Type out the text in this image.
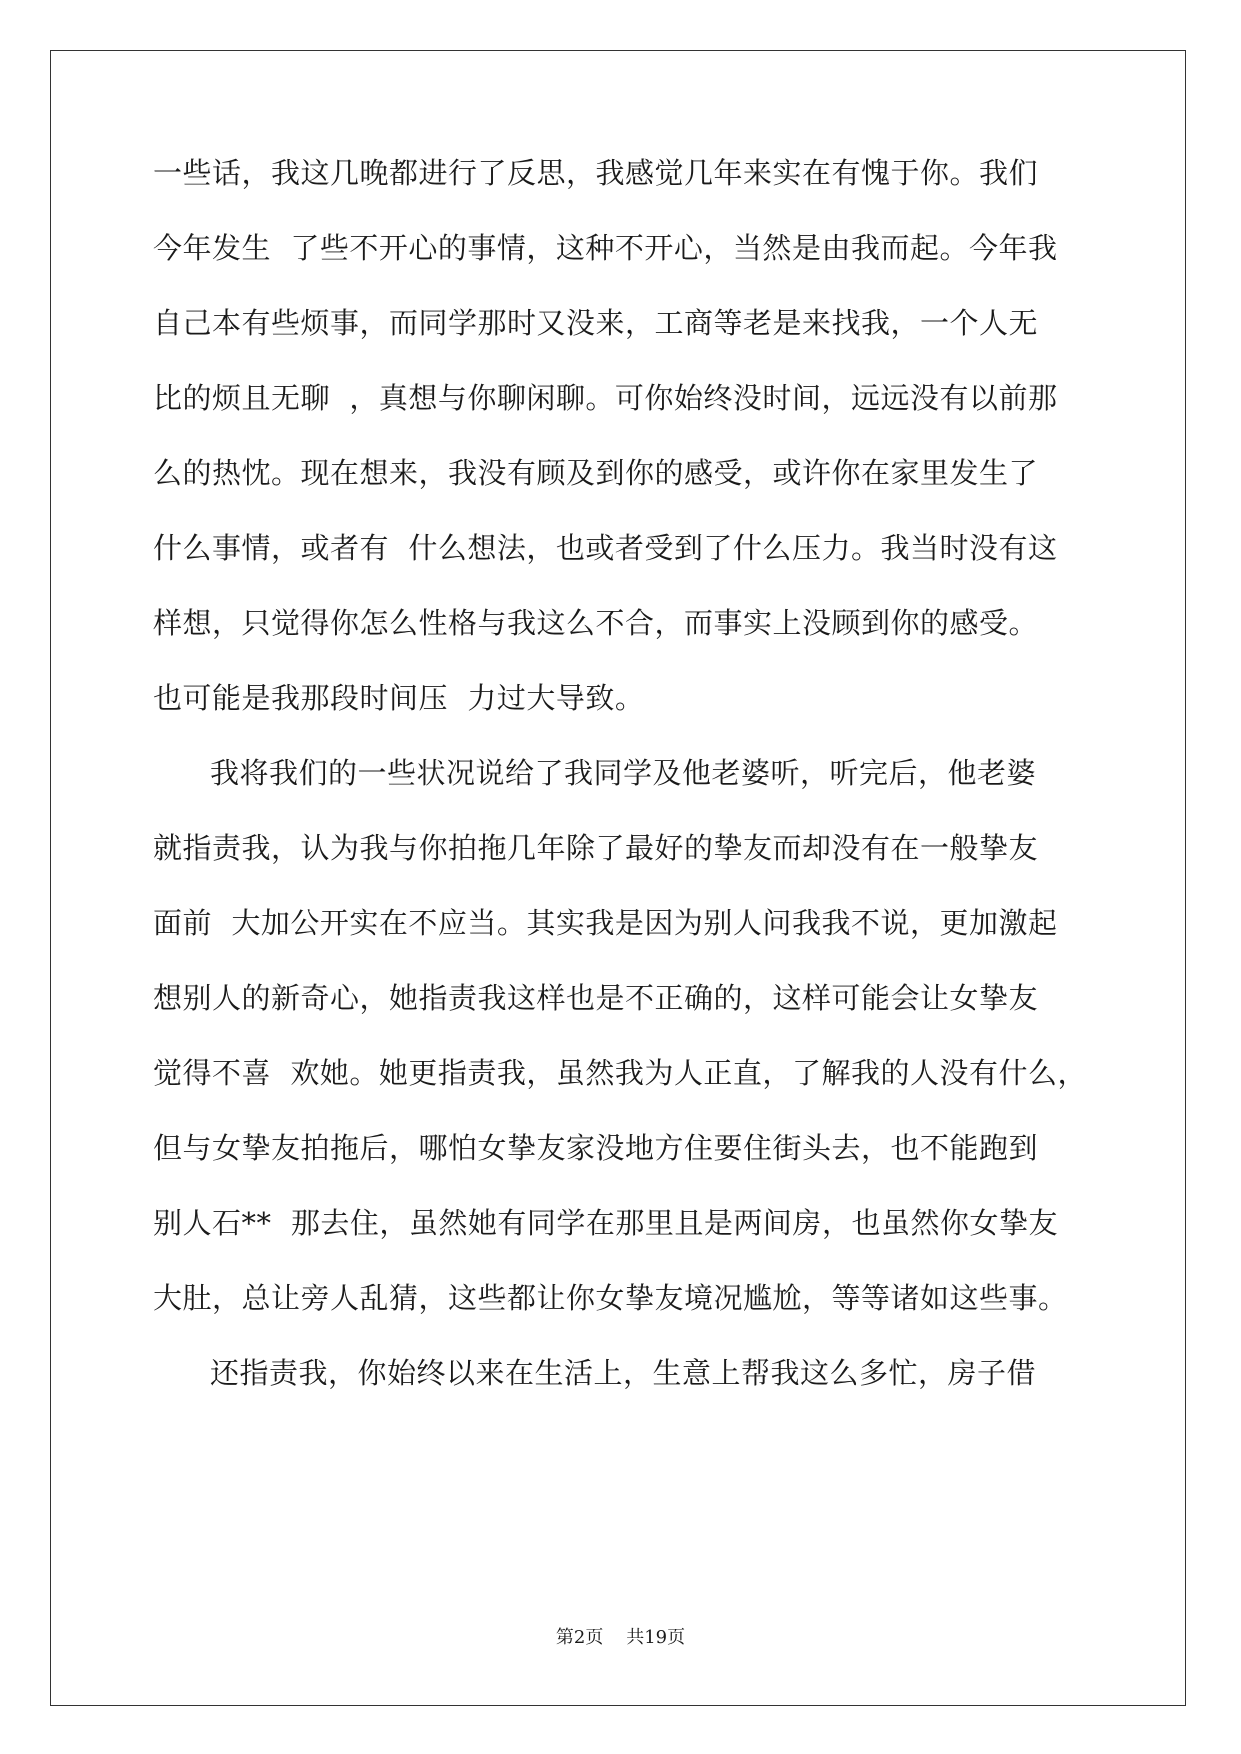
一些话，我这几晚都进行了反思，我感觉几年来实在有愧于你。我们
今年发生  了些不开心的事情，这种不开心，当然是由我而起。今年我
自己本有些烦事，而同学那时又没来，工商等老是来找我，一个人无
比的烦且无聊  ，真想与你聊闲聊。可你始终没时间，远远没有以前那
么的热忱。现在想来，我没有顾及到你的感受，或许你在家里发生了
什么事情，或者有  什么想法，也或者受到了什么压力。我当时没有这
样想，只觉得你怎么性格与我这么不合，而事实上没顾到你的感受。
也可能是我那段时间压  力过大导致。
我将我们的一些状况说给了我同学及他老婆听，听完后，他老婆
就指责我，认为我与你拍拖几年除了最好的挚友而却没有在一般挚友
面前  大加公开实在不应当。其实我是因为别人问我我不说，更加激起
想别人的新奇心，她指责我这样也是不正确的，这样可能会让女挚友
觉得不喜  欢她。她更指责我，虽然我为人正直，了解我的人没有什么，
但与女挚友拍拖后，哪怕女挚友家没地方住要住街头去，也不能跑到
别人石**  那去住，虽然她有同学在那里且是两间房，也虽然你女挚友
大肚，总让旁人乱猜，这些都让你女挚友境况尴尬，等等诸如这些事。
还指责我，你始终以来在生活上，生意上帮我这么多忙，房子借
第2页    共19页
